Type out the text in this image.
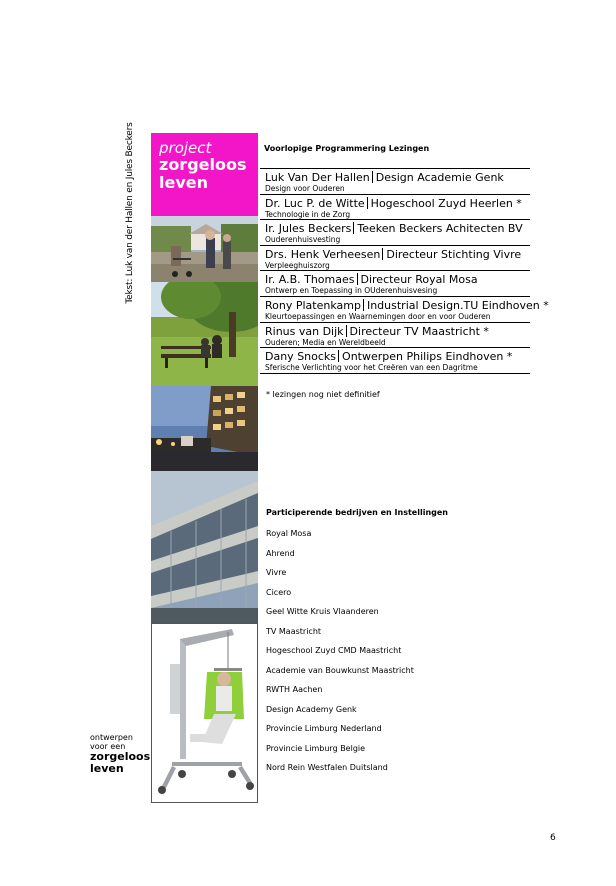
Tekst: Luk van der Hallen en Jules Beckers project
zorgeloos
leven
Voorlopige Programmering Lezingen
Luk Van Der Hallen Design Academie Genk
Design voor Ouderen
Dr. Luc P. de Witte Hogeschool Zuyd Heerlen *
Technologie in de Zorg
Ir. Jules Beckers Teeken Beckers Achitecten BV
Ouderenhuisvesting
Drs. Henk Verheesen Directeur Stichting Vivre
Verpleeghuiszorg
Ir. A.B. Thomaes Directeur Royal Mosa
Ontwerp en Toepassing in OUderenhuisvesing
Rony Platenkamp Industrial Design.TU Eindhoven *
Kleurtoepassingen en Waarnemingen door en voor Ouderen
Rinus van Dijk Directeur TV Maastricht *
Ouderen; Media en Wereldbeeld
Dany Snocks Ontwerpen Philips Eindhoven *
Sferische Verlichting voor het Creëren van een Dagritme
* lezingen nog niet definitief
Participerende bedrijven en Instellingen
Royal Mosa
Ahrend
Vivre
Cicero
Geel Witte Kruis Vlaanderen
TV Maastricht
Hogeschool Zuyd CMD Maastricht
Academie van Bouwkunst Maastricht
RWTH Aachen
Design Academy Genk
Provincie Limburg Nederland
Provincie Limburg Belgie
Nord Rein Westfalen Duitsland
ontwerpen
voor een
zorgeloos
leven
6
